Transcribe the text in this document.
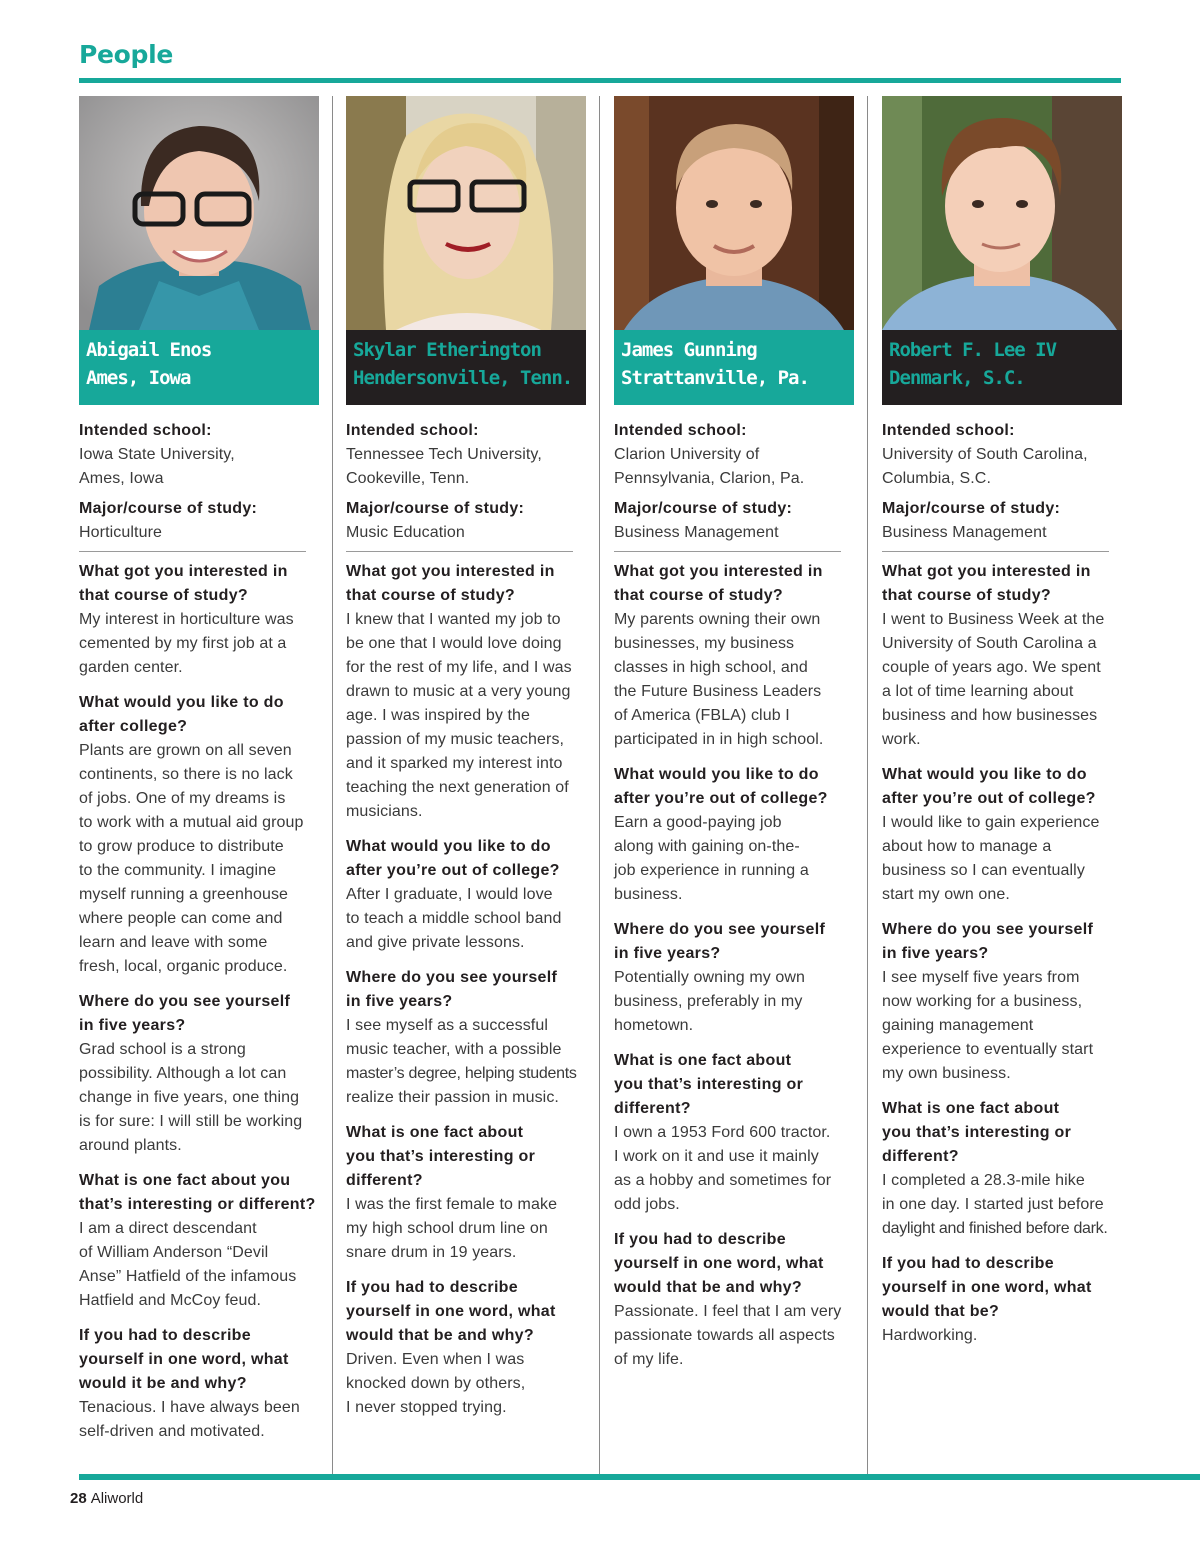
People
Abigail Enos
Ames, Iowa
Intended school:
Iowa State University,
Ames, Iowa
Major/course of study:
Horticulture
What got you interested in
that course of study?
My interest in horticulture was
cemented by my first job at a
garden center.
What would you like to do
after college?
Plants are grown on all seven
continents, so there is no lack
of jobs. One of my dreams is
to work with a mutual aid group
to grow produce to distribute
to the community. I imagine
myself running a greenhouse
where people can come and
learn and leave with some
fresh, local, organic produce.
Where do you see yourself
in five years?
Grad school is a strong
possibility. Although a lot can
change in five years, one thing
is for sure: I will still be working
around plants.
What is one fact about you
that’s interesting or different?
I am a direct descendant
of William Anderson “Devil
Anse” Hatfield of the infamous
Hatfield and McCoy feud.
If you had to describe
yourself in one word, what
would it be and why?
Tenacious. I have always been
self-driven and motivated.
Skylar Etherington
Hendersonville, Tenn.
Intended school:
Tennessee Tech University,
Cookeville, Tenn.
Major/course of study:
Music Education
What got you interested in
that course of study?
I knew that I wanted my job to
be one that I would love doing
for the rest of my life, and I was
drawn to music at a very young
age. I was inspired by the
passion of my music teachers,
and it sparked my interest into
teaching the next generation of
musicians.
What would you like to do
after you’re out of college?
After I graduate, I would love
to teach a middle school band
and give private lessons.
Where do you see yourself
in five years?
I see myself as a successful
music teacher, with a possible
master’s degree, helping students
realize their passion in music.
What is one fact about
you that’s interesting or
different?
I was the first female to make
my high school drum line on
snare drum in 19 years.
If you had to describe
yourself in one word, what
would that be and why?
Driven. Even when I was
knocked down by others,
I never stopped trying.
James Gunning
Strattanville, Pa.
Intended school:
Clarion University of
Pennsylvania, Clarion, Pa.
Major/course of study:
Business Management
What got you interested in
that course of study?
My parents owning their own
businesses, my business
classes in high school, and
the Future Business Leaders
of America (FBLA) club I
participated in in high school.
What would you like to do
after you’re out of college?
Earn a good-paying job
along with gaining on-the-
job experience in running a
business.
Where do you see yourself
in five years?
Potentially owning my own
business, preferably in my
hometown.
What is one fact about
you that’s interesting or
different?
I own a 1953 Ford 600 tractor.
I work on it and use it mainly
as a hobby and sometimes for
odd jobs.
If you had to describe
yourself in one word, what
would that be and why?
Passionate. I feel that I am very
passionate towards all aspects
of my life.
Robert F. Lee IV
Denmark, S.C.
Intended school:
University of South Carolina,
Columbia, S.C.
Major/course of study:
Business Management
What got you interested in
that course of study?
I went to Business Week at the
University of South Carolina a
couple of years ago. We spent
a lot of time learning about
business and how businesses
work.
What would you like to do
after you’re out of college?
I would like to gain experience
about how to manage a
business so I can eventually
start my own one.
Where do you see yourself
in five years?
I see myself five years from
now working for a business,
gaining management
experience to eventually start
my own business.
What is one fact about
you that’s interesting or
different?
I completed a 28.3-mile hike
in one day. I started just before
daylight and finished before dark.
If you had to describe
yourself in one word, what
would that be?
Hardworking.
28 Aliworld
